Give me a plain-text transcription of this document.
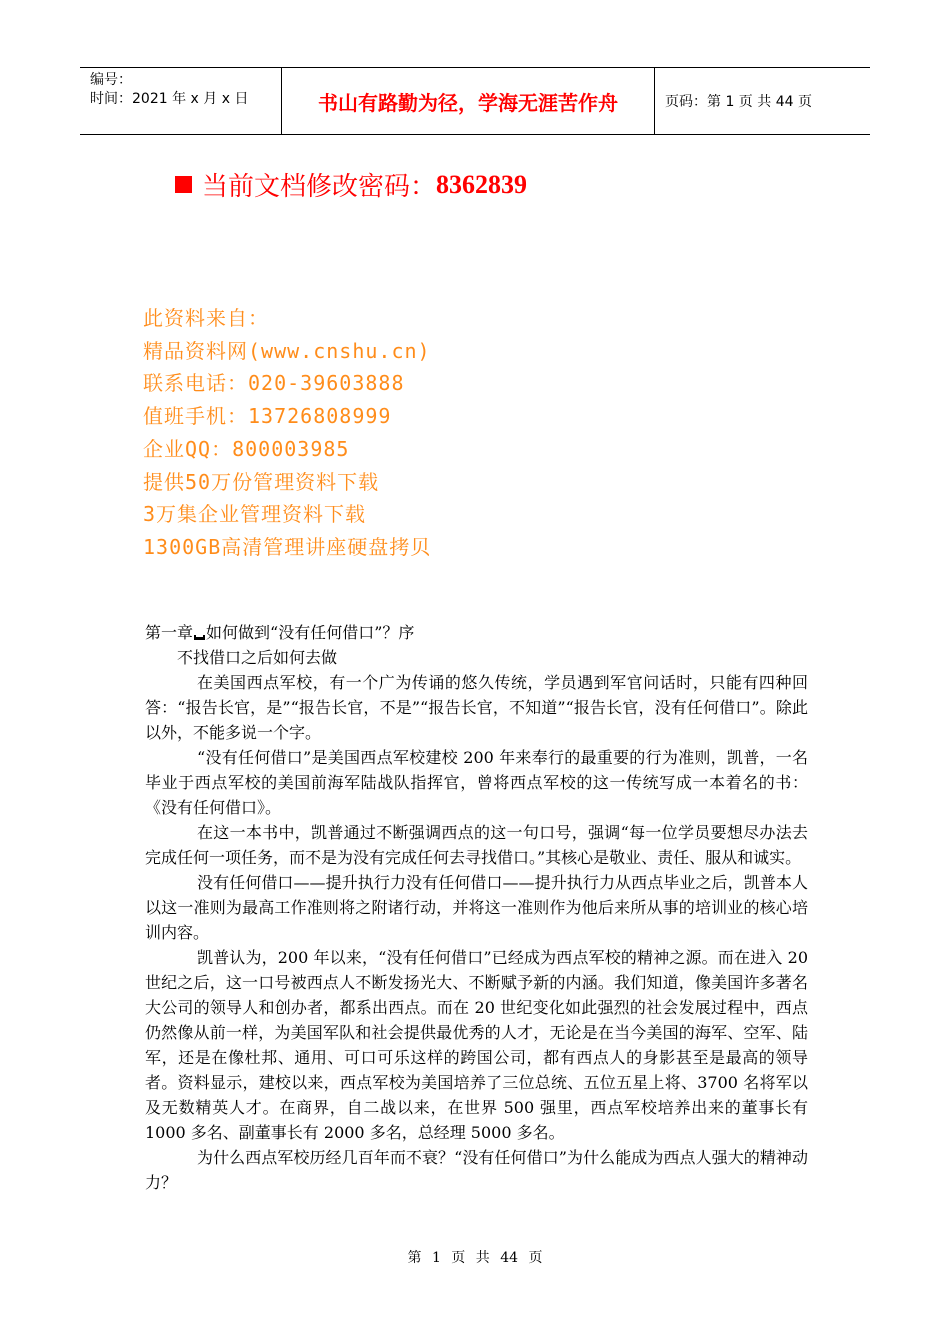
编号：
时间：2021 年 x 月 x 日	书山有路勤为径，学海无涯苦作舟	页码：第 1 页 共 44 页
当前文档修改密码： 8362839
此资料来自：
精品资料网(www.cnshu.cn)
联系电话：020-39603888
值班手机：13726808999
企业QQ：800003985
提供50万份管理资料下载
3万集企业管理资料下载
1300GB高清管理讲座硬盘拷贝

第一章 如何做到“没有任何借口”？序

不找借口之后如何去做

在美国西点军校，有一个广为传诵的悠久传统，学员遇到军官问话时，只能有四种回答：“报告长官，是”“报告长官，不是”“报告长官，不知道”“报告长官，没有任何借口”。除此以外，不能多说一个字。

“没有任何借口”是美国西点军校建校 200 年来奉行的最重要的行为准则，凯普，一名毕业于西点军校的美国前海军陆战队指挥官，曾将西点军校的这一传统写成一本着名的书：《没有任何借口》。

在这一本书中，凯普通过不断强调西点的这一句口号，强调“每一位学员要想尽办法去完成任何一项任务，而不是为没有完成任何去寻找借口。”其核心是敬业、责任、服从和诚实。

没有任何借口——提升执行力没有任何借口——提升执行力从西点毕业之后，凯普本人以这一准则为最高工作准则将之附诸行动，并将这一准则作为他后来所从事的培训业的核心培训内容。

凯普认为，200 年以来，“没有任何借口”已经成为西点军校的精神之源。而在进入 20 世纪之后，这一口号被西点人不断发扬光大、不断赋予新的内涵。我们知道，像美国许多著名大公司的领导人和创办者，都系出西点。而在 20 世纪变化如此强烈的社会发展过程中，西点仍然像从前一样，为美国军队和社会提供最优秀的人才，无论是在当今美国的海军、空军、陆军，还是在像杜邦、通用、可口可乐这样的跨国公司，都有西点人的身影甚至是最高的领导者。资料显示，建校以来，西点军校为美国培养了三位总统、五位五星上将、3700 名将军以及无数精英人才。在商界，自二战以来，在世界 500 强里，西点军校培养出来的董事长有 1000 多名、副董事长有 2000 多名，总经理 5000 多名。

为什么西点军校历经几百年而不衰？“没有任何借口”为什么能成为西点人强大的精神动力？

第 1 页 共 44 页
